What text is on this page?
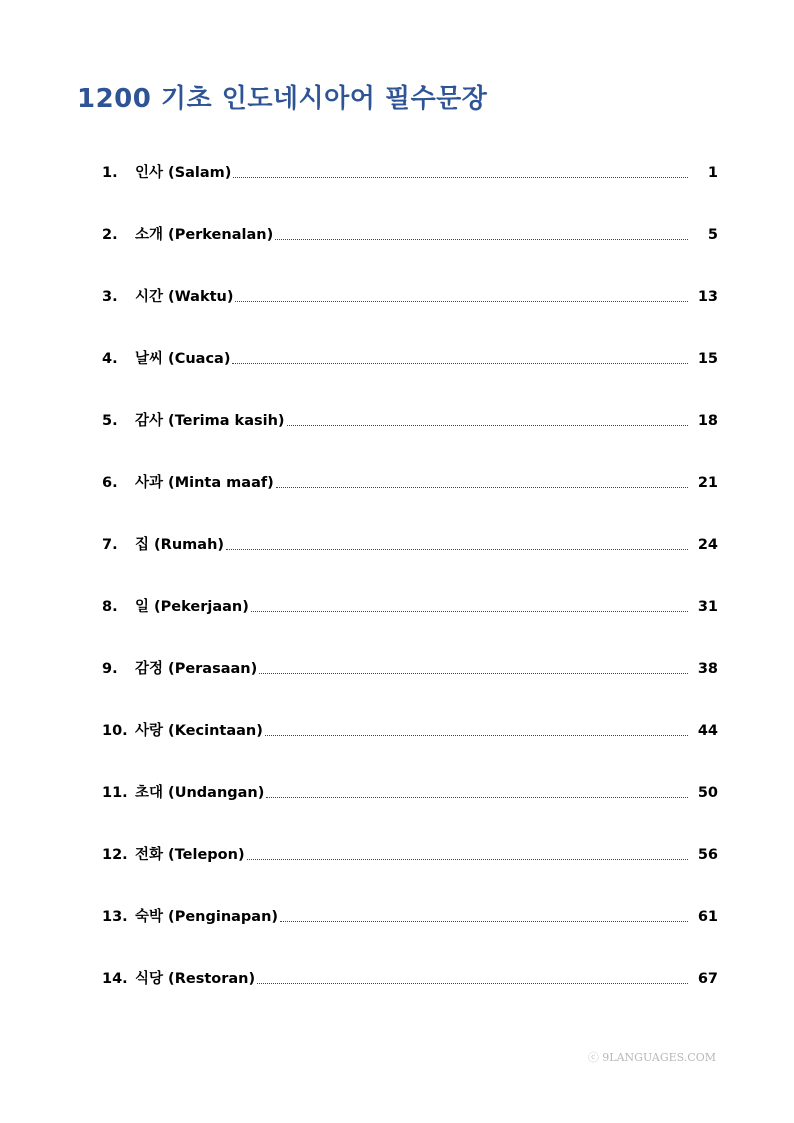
1200 기초 인도네시아어 필수문장
1.	인사 (Salam)	1
2.	소개 (Perkenalan)	5
3.	시간 (Waktu)	13
4.	날씨 (Cuaca)	15
5.	감사 (Terima kasih)	18
6.	사과 (Minta maaf)	21
7.	집 (Rumah)	24
8.	일 (Pekerjaan)	31
9.	감정 (Perasaan)	38
10. 사랑 (Kecintaan)	44
11. 초대 (Undangan)	50
12. 전화 (Telepon)	56
13. 숙박 (Penginapan)	61
14. 식당 (Restoran)	67
ⓒ 9LANGUAGES.COM
